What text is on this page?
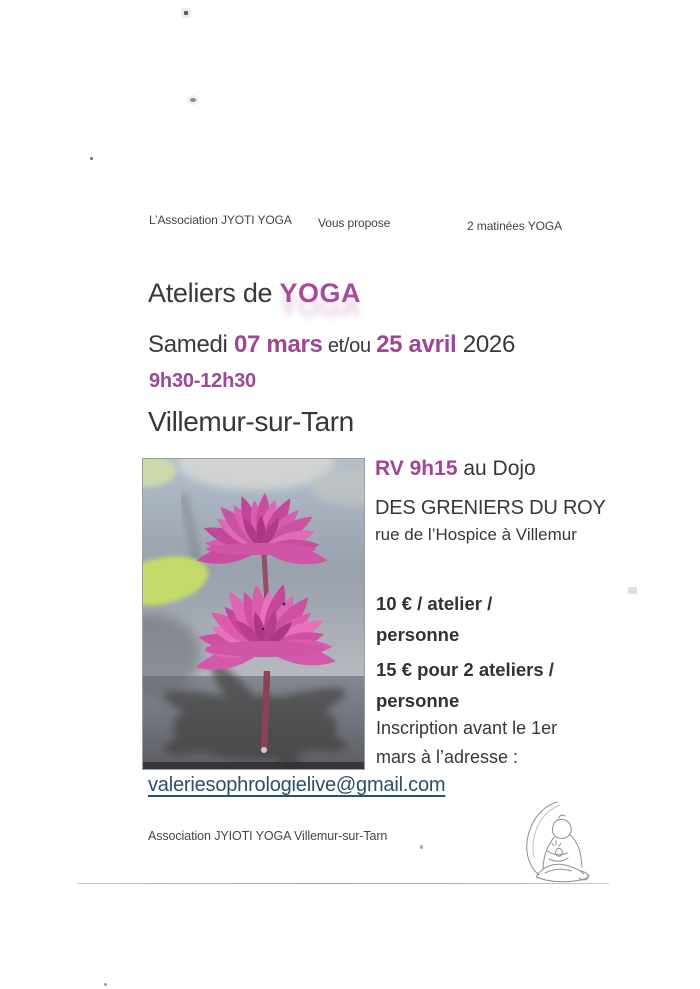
L’Association JYOTI YOGA Vous propose	2 matinées YOGA
Ateliers de YOGA
Samedi 07 mars et/ou 25 avril 2026
9h30-12h30
Villemur-sur-Tarn
RV 9h15 au Dojo
DES GRENIERS DU ROY
rue de l’Hospice à Villemur
10 € / atelier /
personne
15 € pour 2 ateliers /
personne
Inscription avant le 1er
mars à l’adresse :
valeriesophrologielive@gmail.com
Association JYIOTI YOGA Villemur-sur-Tarn
